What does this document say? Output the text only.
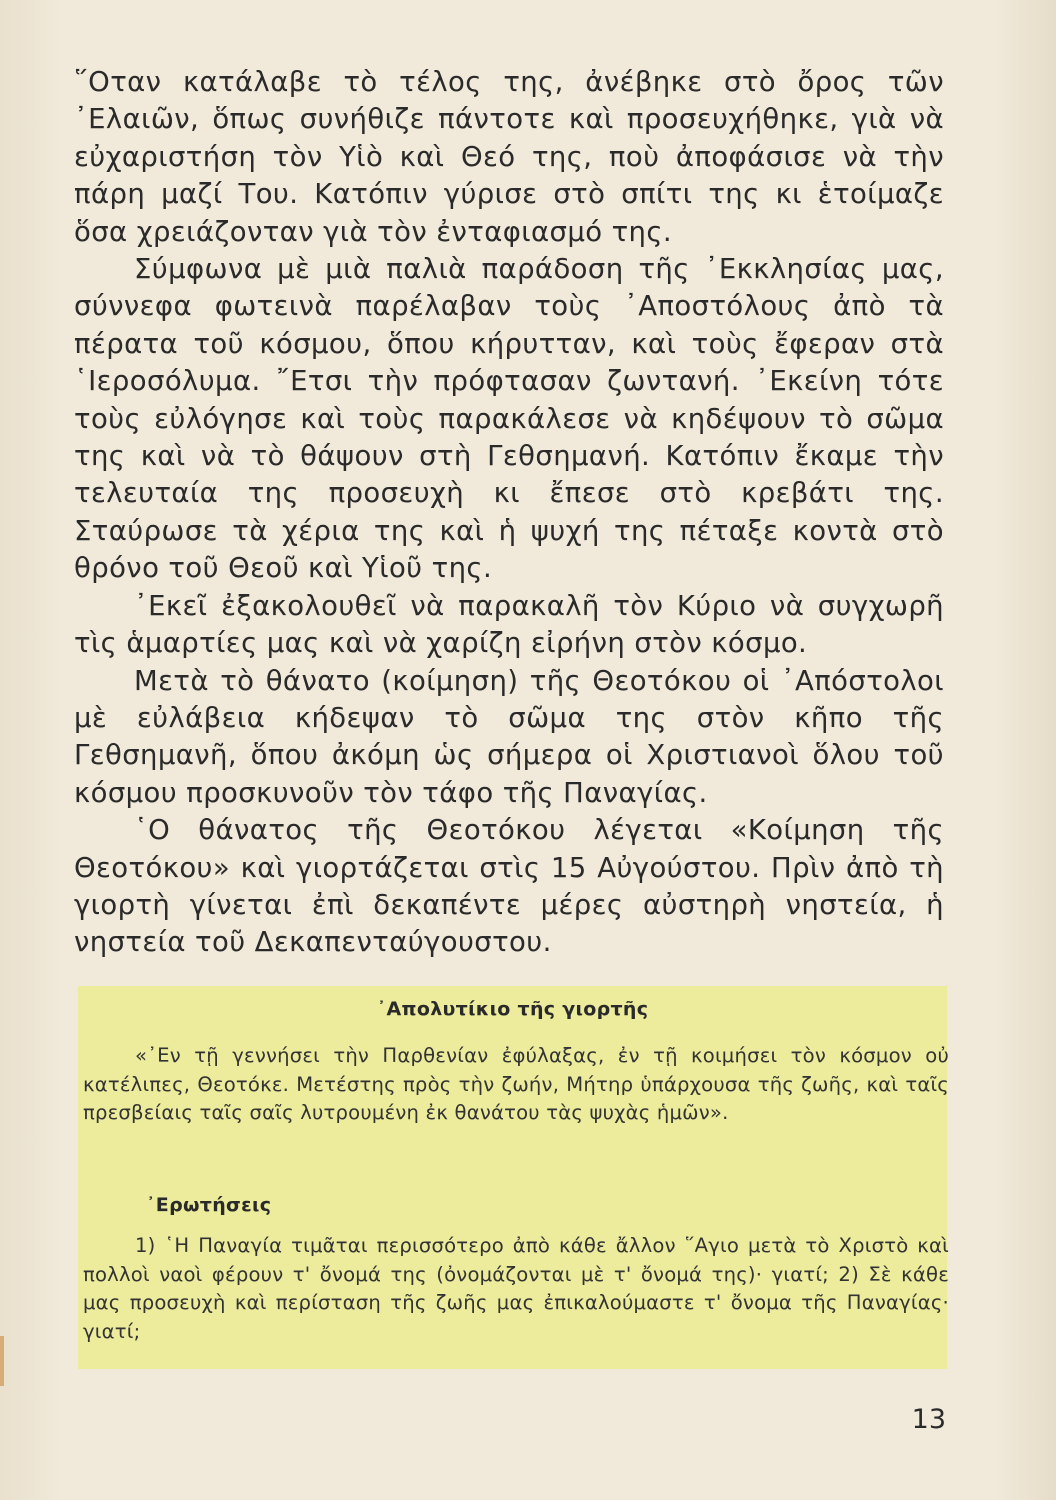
῞Οταν κατάλαβε τὸ τέλος της, ἀνέβηκε στὸ ὄρος τῶν ᾿Ελαιῶν, ὅπως συνήθιζε πάντοτε καὶ προσευχήθηκε, γιὰ νὰ εὐχαριστήση τὸν Υἱὸ καὶ Θεό της, ποὺ ἀποφάσισε νὰ τὴν πάρη μαζί Του. Κατόπιν γύρισε στὸ σπίτι της κι ἑτοίμαζε ὅσα χρειάζονταν γιὰ τὸν ἐνταφιασμό της.

Σύμφωνα μὲ μιὰ παλιὰ παράδοση τῆς ᾿Εκκλησίας μας, σύννεφα φωτεινὰ παρέλαβαν τοὺς ᾿Αποστόλους ἀπὸ τὰ πέρατα τοῦ κόσμου, ὅπου κήρυτταν, καὶ τοὺς ἔφεραν στὰ ῾Ιεροσόλυμα. ῎Ετσι τὴν πρόφτασαν ζωντανή. ᾿Εκείνη τότε τοὺς εὐλόγησε καὶ τοὺς παρακάλεσε νὰ κηδέψουν τὸ σῶμα της καὶ νὰ τὸ θάψουν στὴ Γεθσημανή. Κατόπιν ἔκαμε τὴν τελευταία της προσευχὴ κι ἔπεσε στὸ κρεβάτι της. Σταύρωσε τὰ χέρια της καὶ ἡ ψυχή της πέταξε κοντὰ στὸ θρόνο τοῦ Θεοῦ καὶ Υἱοῦ της.

᾿Εκεῖ ἐξακολουθεῖ νὰ παρακαλῆ τὸν Κύριο νὰ συγχωρῆ τὶς ἁμαρτίες μας καὶ νὰ χαρίζη εἰρήνη στὸν κόσμο.

Μετὰ τὸ θάνατο (κοίμηση) τῆς Θεοτόκου οἱ ᾿Απόστολοι μὲ εὐλάβεια κήδεψαν τὸ σῶμα της στὸν κῆπο τῆς Γεθσημανῆ, ὅπου ἀκόμη ὡς σήμερα οἱ Χριστιανοὶ ὅλου τοῦ κόσμου προσκυνοῦν τὸν τάφο τῆς Παναγίας.

῾Ο θάνατος τῆς Θεοτόκου λέγεται «Κοίμηση τῆς Θεοτόκου» καὶ γιορτάζεται στὶς 15 Αὐγούστου. Πρὶν ἀπὸ τὴ γιορτὴ γίνεται ἐπὶ δεκαπέντε μέρες αὐστηρὴ νηστεία, ἡ νηστεία τοῦ Δεκαπενταύγουστου.

᾿Απολυτίκιο τῆς γιορτῆς
«᾿Εν τῇ γεννήσει τὴν Παρθενίαν ἐφύλαξας, ἐν τῇ κοιμήσει τὸν κόσμον οὐ κατέλιπες, Θεοτόκε. Μετέστης πρὸς τὴν ζωήν, Μήτηρ ὑπάρχουσα τῆς ζωῆς, καὶ ταῖς πρεσβείαις ταῖς σαῖς λυτρουμένη ἐκ θανάτου τὰς ψυχὰς ἡμῶν».
᾿Ερωτήσεις
1) ῾Η Παναγία τιμᾶται περισσότερο ἀπὸ κάθε ἄλλον ῞Αγιο μετὰ τὸ Χριστὸ καὶ πολλοὶ ναοὶ φέρουν τ' ὄνομά της (ὀνομάζονται μὲ τ' ὄνομά της)· γιατί; 2) Σὲ κάθε μας προσευχὴ καὶ περίσταση τῆς ζωῆς μας ἐπικαλούμαστε τ' ὄνομα τῆς Παναγίας· γιατί;
13
